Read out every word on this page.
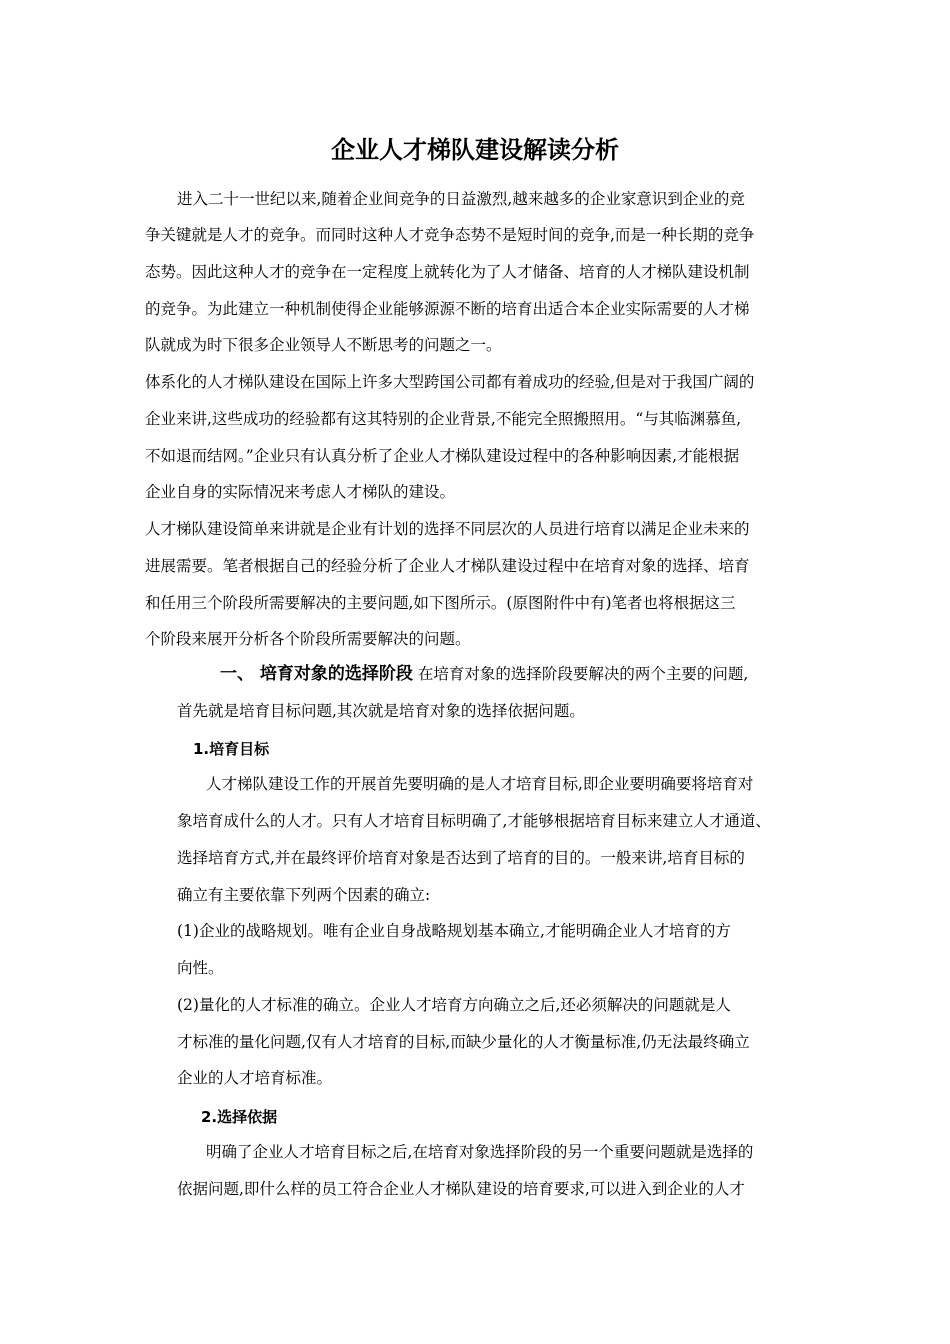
企业人才梯队建设解读分析
进入二十一世纪以来,随着企业间竞争的日益激烈,越来越多的企业家意识到企业的竞
争关键就是人才的竞争。而同时这种人才竞争态势不是短时间的竞争,而是一种长期的竞争
态势。因此这种人才的竞争在一定程度上就转化为了人才储备、培育的人才梯队建设机制
的竞争。为此建立一种机制使得企业能够源源不断的培育出适合本企业实际需要的人才梯
队就成为时下很多企业领导人不断思考的问题之一。
体系化的人才梯队建设在国际上许多大型跨国公司都有着成功的经验,但是对于我国广阔的
企业来讲,这些成功的经验都有这其特别的企业背景,不能完全照搬照用。“与其临渊慕鱼,
不如退而结网。”企业只有认真分析了企业人才梯队建设过程中的各种影响因素,才能根据
企业自身的实际情况来考虑人才梯队的建设。
人才梯队建设简单来讲就是企业有计划的选择不同层次的人员进行培育以满足企业未来的
进展需要。笔者根据自己的经验分析了企业人才梯队建设过程中在培育对象的选择、培育
和任用三个阶段所需要解决的主要问题,如下图所示。(原图附件中有)笔者也将根据这三
个阶段来展开分析各个阶段所需要解决的问题。
一、 培育对象的选择阶段 在培育对象的选择阶段要解决的两个主要的问题,
首先就是培育目标问题,其次就是培育对象的选择依据问题。
1.培育目标
人才梯队建设工作的开展首先要明确的是人才培育目标,即企业要明确要将培育对
象培育成什么的人才。只有人才培育目标明确了,才能够根据培育目标来建立人才通道、
选择培育方式,并在最终评价培育对象是否达到了培育的目的。一般来讲,培育目标的
确立有主要依靠下列两个因素的确立:
(1)企业的战略规划。唯有企业自身战略规划基本确立,才能明确企业人才培育的方
向性。
(2)量化的人才标准的确立。企业人才培育方向确立之后,还必须解决的问题就是人
才标准的量化问题,仅有人才培育的目标,而缺少量化的人才衡量标准,仍无法最终确立
企业的人才培育标准。
2.选择依据
明确了企业人才培育目标之后,在培育对象选择阶段的另一个重要问题就是选择的
依据问题,即什么样的员工符合企业人才梯队建设的培育要求,可以进入到企业的人才
